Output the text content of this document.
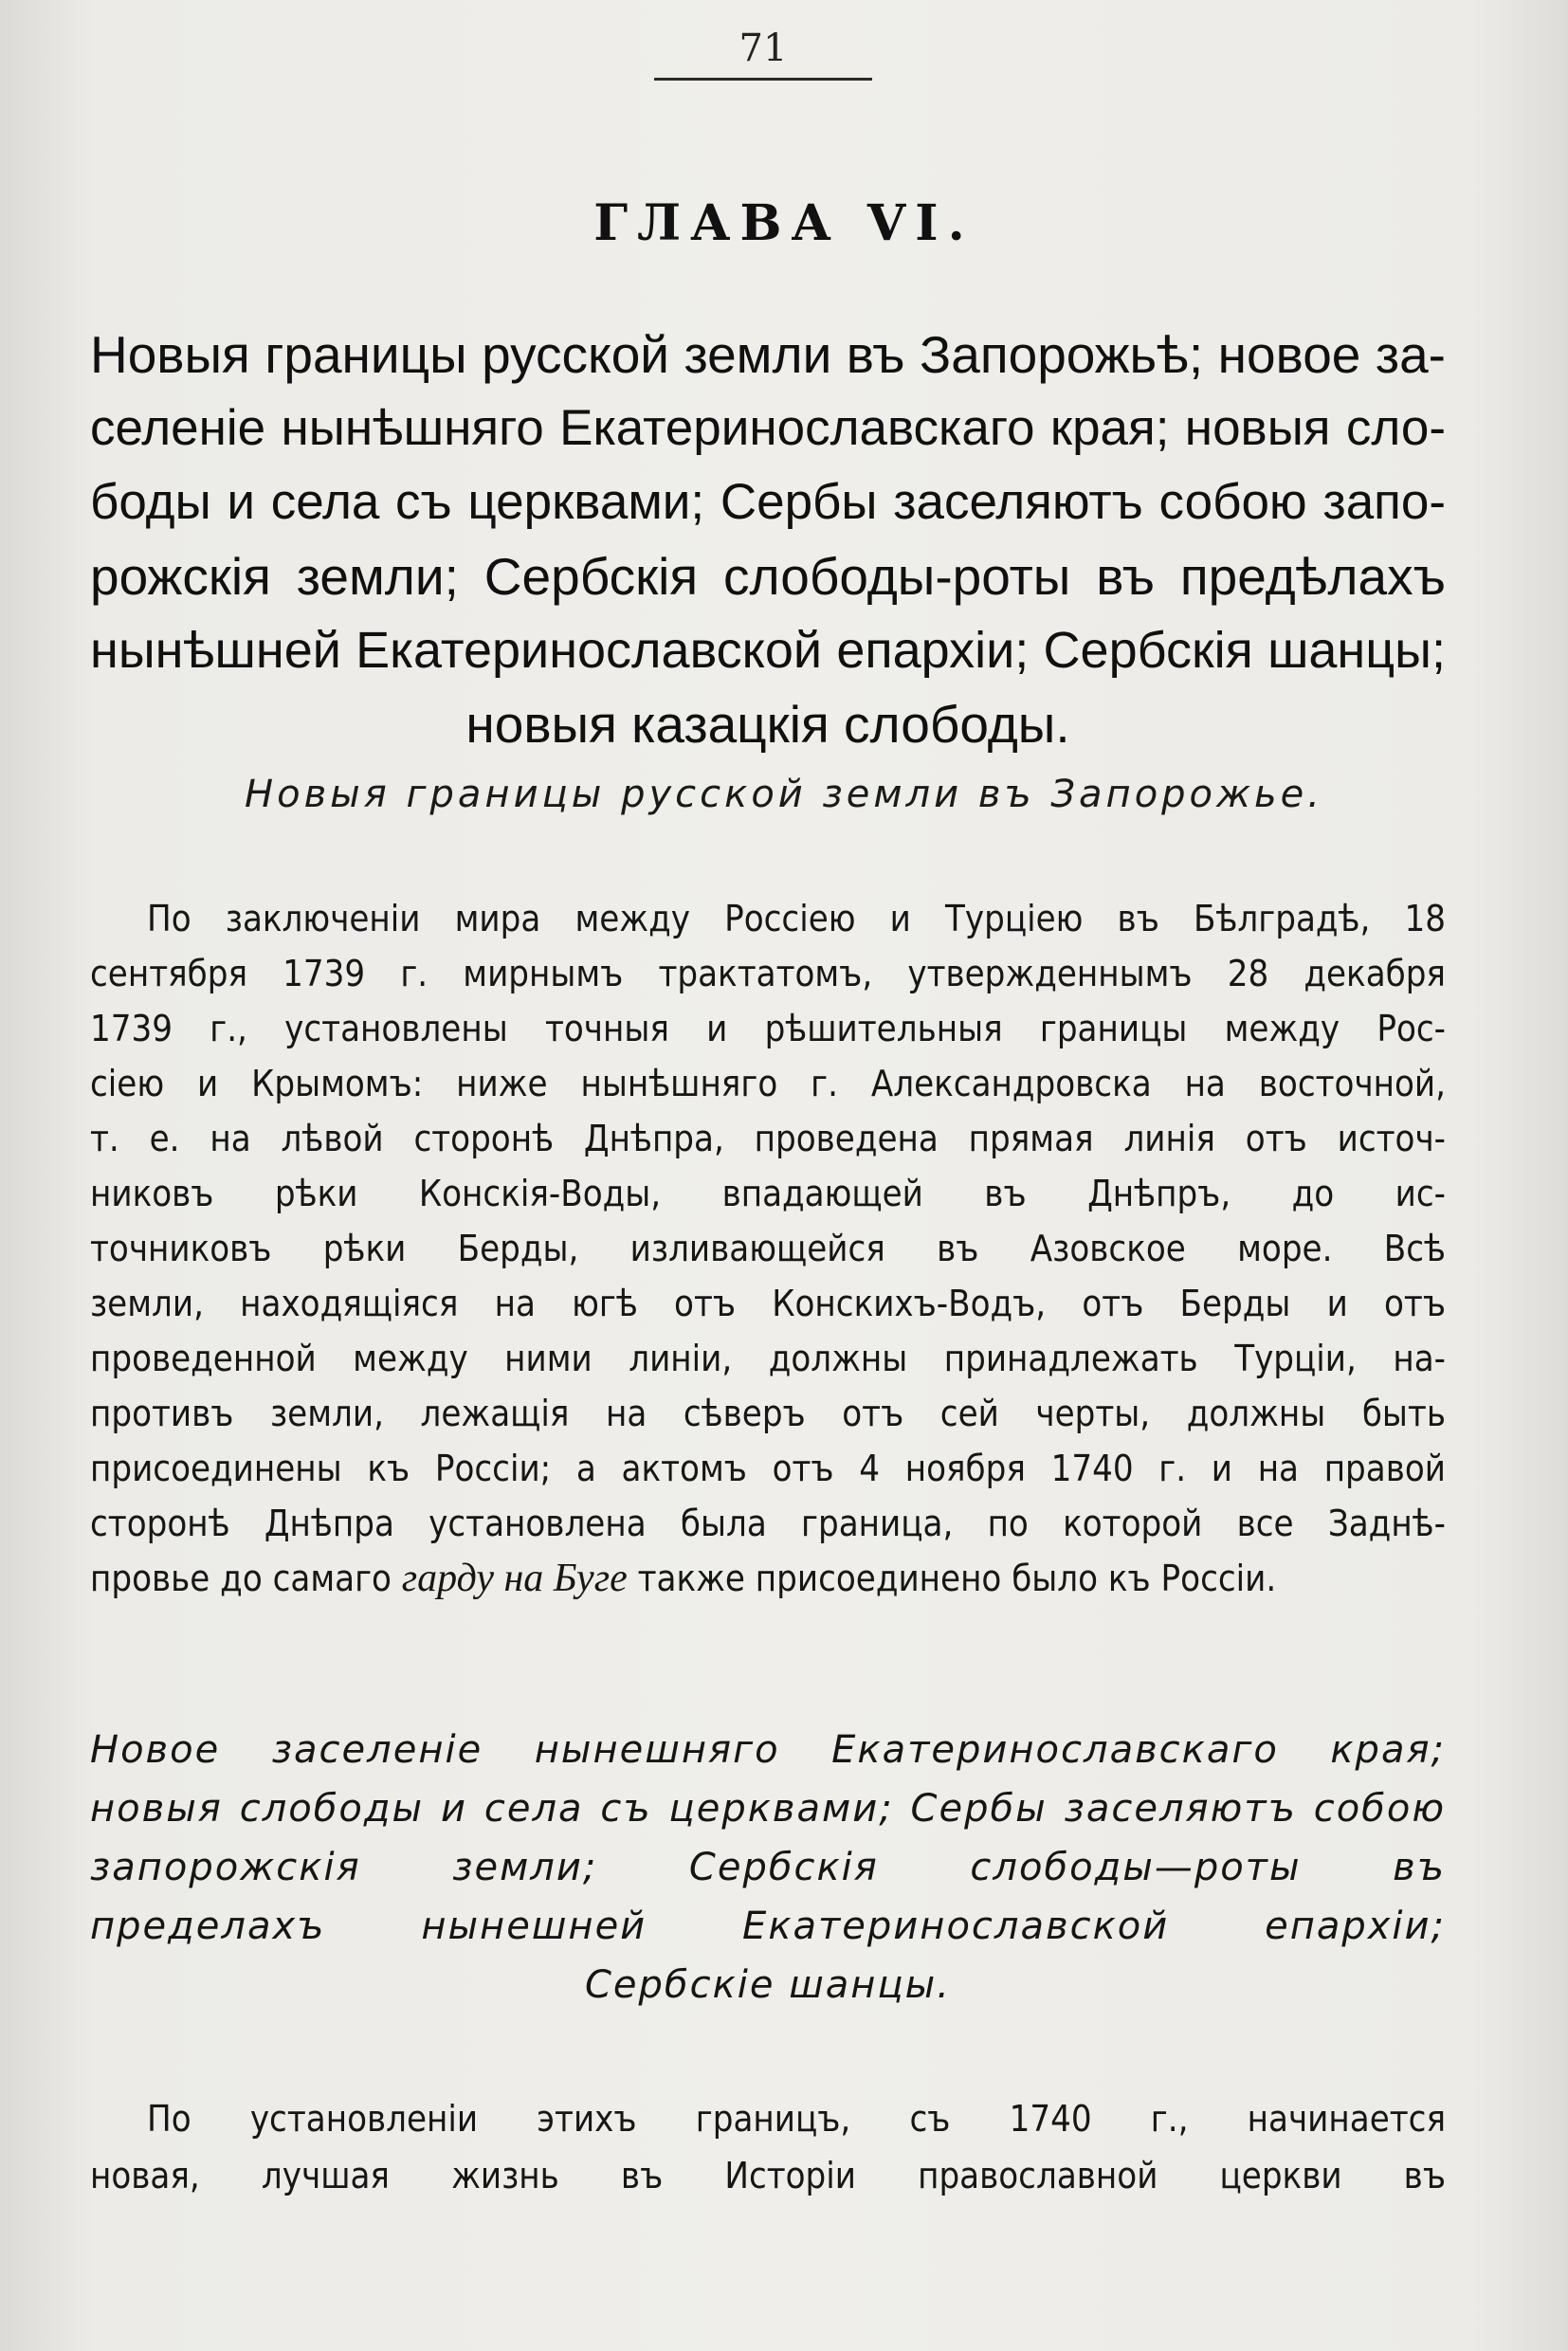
71
ГЛАВА VI.
Новыя границы русской земли въ Запорожьѣ; новое за-
селеніе нынѣшняго Екатеринославскаго края; новыя сло-
боды и села съ церквами; Сербы заселяютъ собою запо-
рожскія земли; Сербскія слободы-роты въ предѣлахъ
нынѣшней Екатеринославской епархіи; Сербскія шанцы;
новыя казацкія слободы.
Новыя границы русской земли въ Запорожье.
По заключеніи мира между Россіею и Турціею въ Бѣлградѣ, 18
сентября 1739 г. мирнымъ трактатомъ, утвержденнымъ 28 декабря
1739 г., установлены точныя и рѣшительныя границы между Рос-
сіею и Крымомъ: ниже нынѣшняго г. Александровска на восточной,
т. е. на лѣвой сторонѣ Днѣпра, проведена прямая линія отъ источ-
никовъ рѣки Конскія-Воды, впадающей въ Днѣпръ, до ис-
точниковъ рѣки Берды, изливающейся въ Азовское море. Всѣ
земли, находящіяся на югѣ отъ Конскихъ-Водъ, отъ Берды и отъ
проведенной между ними линіи, должны принадлежать Турціи, на-
противъ земли, лежащія на сѣверъ отъ сей черты, должны быть
присоединены къ Россіи; а актомъ отъ 4 ноября 1740 г. и на правой
сторонѣ Днѣпра установлена была граница, по которой все Заднѣ-
провье до самаго гарду на Буге также присоединено было къ Россіи.
Новое заселеніе нынешняго Екатеринославскаго края;
новыя слободы и села съ церквами; Сербы заселяютъ собою
запорожскія земли; Сербскія слободы—роты въ
пределахъ нынешней Екатеринославской епархіи;
Сербскіе шанцы.
По установленіи этихъ границъ, съ 1740 г., начинается
новая, лучшая жизнь въ Исторіи православной церкви въ
